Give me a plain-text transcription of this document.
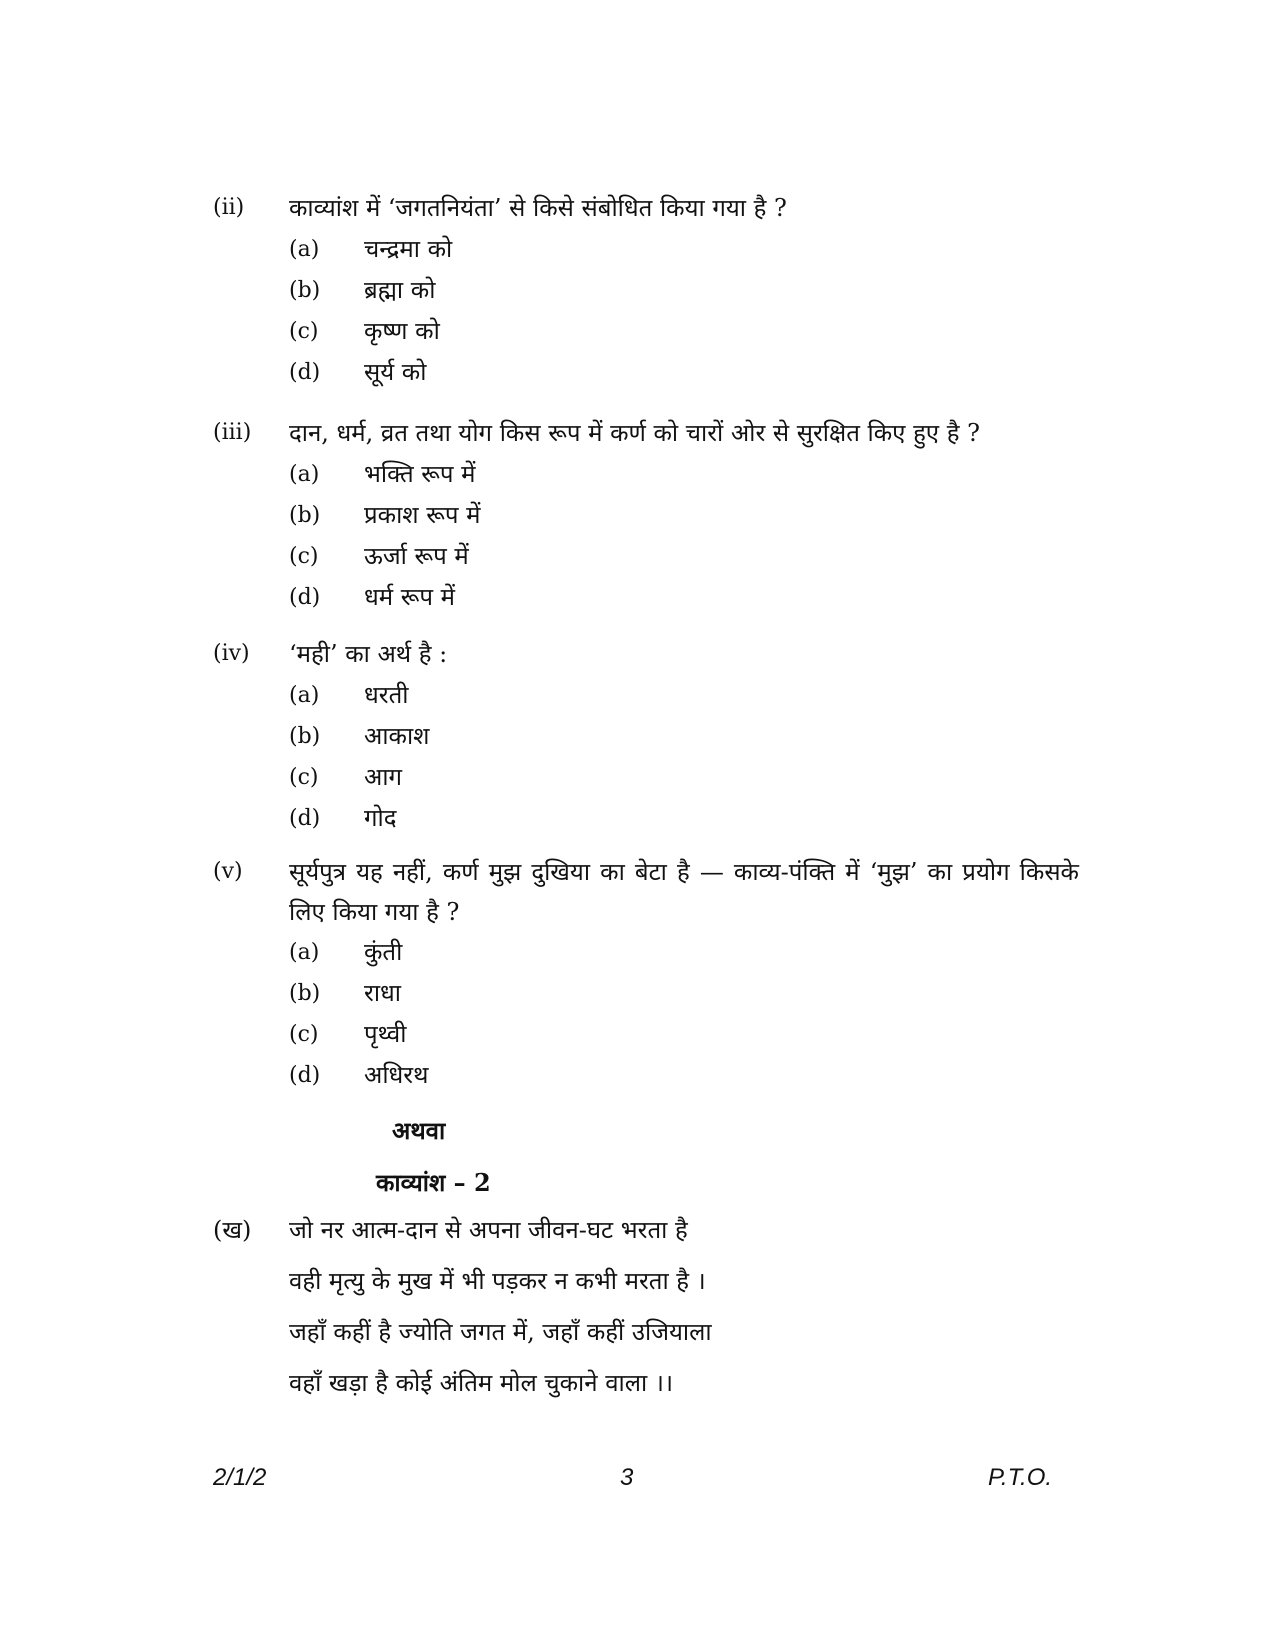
(ii) काव्यांश में ‘जगतनियंता’ से किसे संबोधित किया गया है ?
(a) चन्द्रमा को
(b) ब्रह्मा को
(c) कृष्ण को
(d) सूर्य को
(iii) दान, धर्म, व्रत तथा योग किस रूप में कर्ण को चारों ओर से सुरक्षित किए हुए है ?
(a) भक्ति रूप में
(b) प्रकाश रूप में
(c) ऊर्जा रूप में
(d) धर्म रूप में
(iv) ‘मही’ का अर्थ है :
(a) धरती
(b) आकाश
(c) आग
(d) गोद
(v) सूर्यपुत्र यह नहीं, कर्ण मुझ दुखिया का बेटा है — काव्य-पंक्ति में ‘मुझ’ का प्रयोग किसके लिए किया गया है ?
(a) कुंती
(b) राधा
(c) पृथ्वी
(d) अधिरथ
अथवा
काव्यांश – 2
(ख) जो नर आत्म-दान से अपना जीवन-घट भरता है
वही मृत्यु के मुख में भी पड़कर न कभी मरता है ।
जहाँ कहीं है ज्योति जगत में, जहाँ कहीं उजियाला
वहाँ खड़ा है कोई अंतिम मोल चुकाने वाला ।।
2/1/2	3	P.T.O.
